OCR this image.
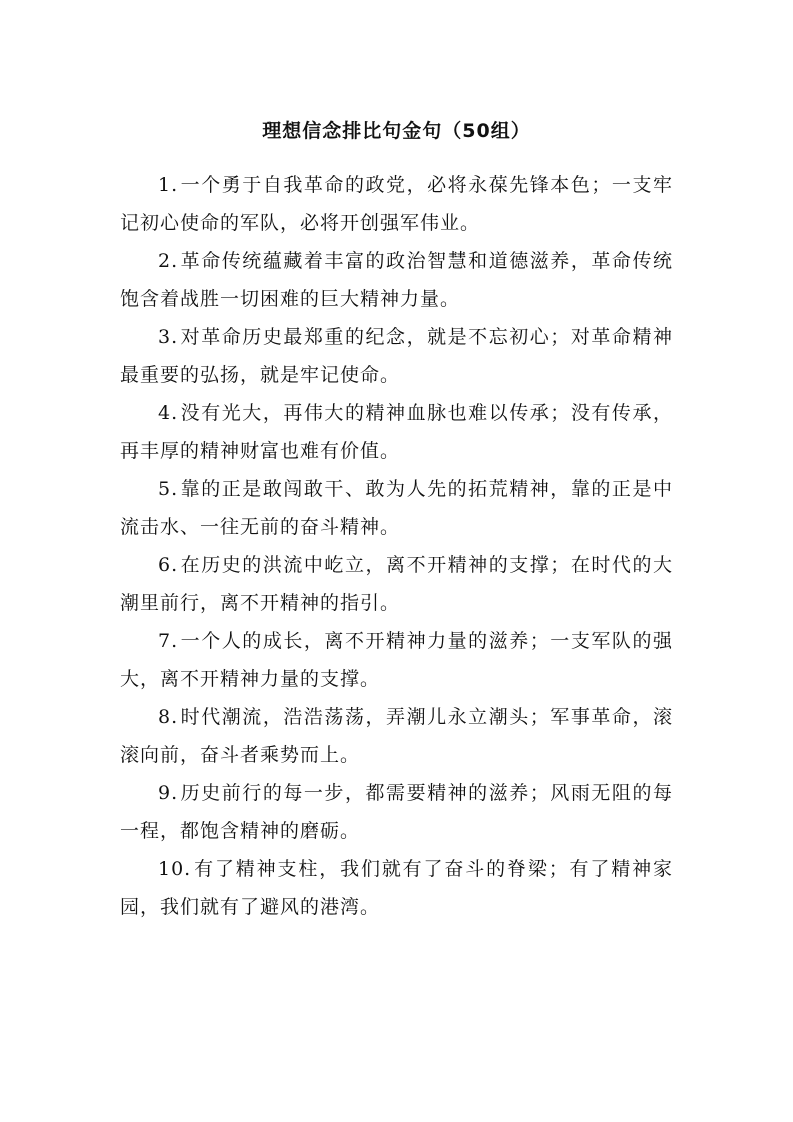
理想信念排比句金句（50组）

1. 一个勇于自我革命的政党，必将永葆先锋本色；一支牢记初心使命的军队，必将开创强军伟业。

2. 革命传统蕴藏着丰富的政治智慧和道德滋养，革命传统饱含着战胜一切困难的巨大精神力量。

3. 对革命历史最郑重的纪念，就是不忘初心；对革命精神最重要的弘扬，就是牢记使命。

4. 没有光大，再伟大的精神血脉也难以传承；没有传承，再丰厚的精神财富也难有价值。

5. 靠的正是敢闯敢干、敢为人先的拓荒精神，靠的正是中流击水、一往无前的奋斗精神。

6. 在历史的洪流中屹立，离不开精神的支撑；在时代的大潮里前行，离不开精神的指引。

7. 一个人的成长，离不开精神力量的滋养；一支军队的强大，离不开精神力量的支撑。

8. 时代潮流，浩浩荡荡，弄潮儿永立潮头；军事革命，滚滚向前，奋斗者乘势而上。

9. 历史前行的每一步，都需要精神的滋养；风雨无阻的每一程，都饱含精神的磨砺。

10. 有了精神支柱，我们就有了奋斗的脊梁；有了精神家园，我们就有了避风的港湾。
